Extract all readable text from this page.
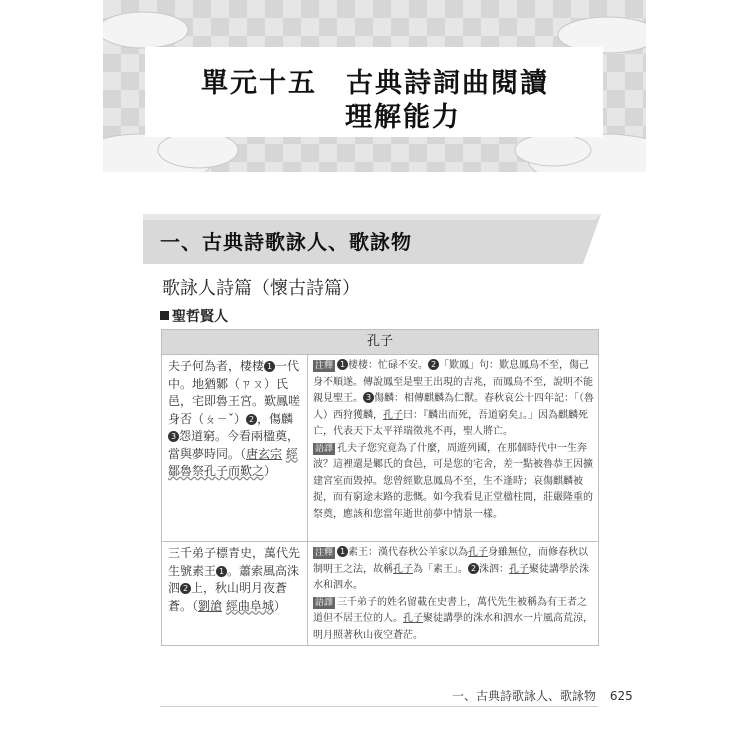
單元十五　古典詩詞曲閱讀
理解能力
一、古典詩歌詠人、歌詠物
歌詠人詩篇（懷古詩篇）
聖哲賢人
孔子
夫子何為者，棲棲 1 一代中。地猶鄹（ㄗㄡ）氏邑，宅即魯王宮。歎鳳嗟身否（ㄆㄧˇ） 2 ，傷麟3 怨道窮。今看兩楹奠，當與夢時同。（唐玄宗 經鄒魯祭孔子而歎之）
注釋 1 棲棲：忙碌不安。 2 「歎鳳」句：歎息鳳鳥不至，傷己身不順遂。傳說鳳至是聖王出現的吉兆，而鳳鳥不至，說明不能親見聖王。 3 傷麟：相傳麒麟為仁獸。春秋哀公十四年記：「（魯人）西狩獲麟，孔子曰：『麟出而死，吾道窮矣』。」因為麒麟死亡，代表天下太平祥瑞徵兆不再，聖人將亡。
語譯 孔夫子您究竟為了什麼，周遊列國，在那個時代中一生奔波？這裡還是鄹氏的食邑，可是您的宅舍，差一點被魯恭王因擴建宮室而毀掉。您曾經歎息鳳鳥不至，生不逢時；哀傷麒麟被捉，而有窮途末路的悲慨。如今我看見正堂楹柱間，莊嚴隆重的祭奠，應該和您當年逝世前夢中情景一樣。
三千弟子標青史，萬代先生號素王 1 。蕭索風高洙泗 2 上，秋山明月夜蒼蒼。（劉滄 經曲阜城）
注釋 1 素王：漢代春秋公羊家以為孔子身雖無位，而修春秋以制明王之法，故稱孔子為「素王」。 2 洙泗：孔子聚徒講學於洙水和泗水。
語譯 三千弟子的姓名留載在史書上，萬代先生被稱為有王者之道但不居王位的人。孔子聚徒講學的洙水和泗水一片風高荒涼，明月照著秋山夜空蒼茫。
一、古典詩歌詠人、歌詠物 625
